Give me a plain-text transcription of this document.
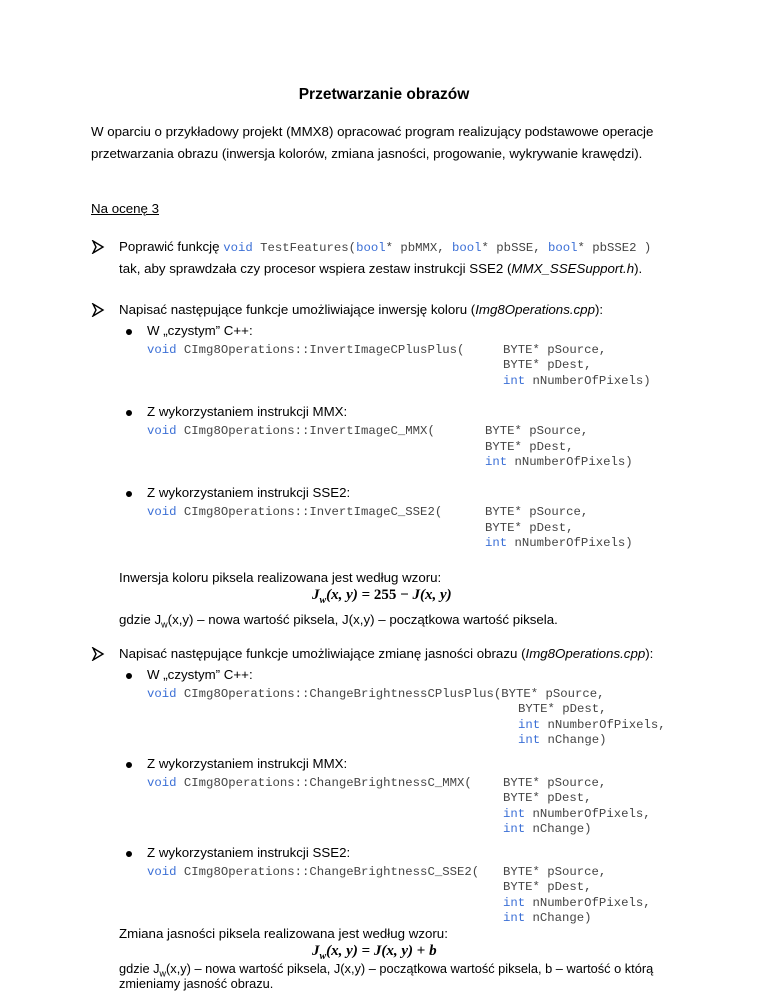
Przetwarzanie obrazów
W oparciu o przykładowy projekt (MMX8) opracować program realizujący podstawowe operacje
przetwarzania obrazu (inwersja kolorów, zmiana jasności, progowanie, wykrywanie krawędzi).
Na ocenę 3
Poprawić funkcję void TestFeatures(bool* pbMMX, bool* pbSSE, bool* pbSSE2 )
tak, aby sprawdzała czy procesor wspiera zestaw instrukcji SSE2 (MMX_SSESupport.h).
Napisać następujące funkcje umożliwiające inwersję koloru (Img8Operations.cpp):
W „czystym” C++:
void CImg8Operations::InvertImageCPlusPlus(	BYTE* pSource,
BYTE* pDest,
int nNumberOfPixels)
Z wykorzystaniem instrukcji MMX:
void CImg8Operations::InvertImageC_MMX(	BYTE* pSource,
BYTE* pDest,
int nNumberOfPixels)
Z wykorzystaniem instrukcji SSE2:
void CImg8Operations::InvertImageC_SSE2(	BYTE* pSource,
BYTE* pDest,
int nNumberOfPixels)
Inwersja koloru piksela realizowana jest według wzoru:
$J_w(x$, y) = 255 − J(x, y)
gdzie $J_w(x,y)$ – nowa wartość piksela, J(x,y) – początkowa wartość piksela.
Napisać następujące funkcje umożliwiające zmianę jasności obrazu (Img8Operations.cpp):
W „czystym” C++:
void CImg8Operations::ChangeBrightnessCPlusPlus(BYTE* pSource,
BYTE* pDest,
int nNumberOfPixels,
int nChange)
Z wykorzystaniem instrukcji MMX:
void CImg8Operations::ChangeBrightnessC_MMX(	BYTE* pSource,
BYTE* pDest,
int nNumberOfPixels,
int nChange)
Z wykorzystaniem instrukcji SSE2:
void CImg8Operations::ChangeBrightnessC_SSE2( BYTE* pSource,
BYTE* pDest,
int nNumberOfPixels,
int nChange)
Zmiana jasności piksela realizowana jest według wzoru:
$J_w(x$, y) = J(x, y) + b
gdzie $J_w(x,y)$ – nowa wartość piksela, J(x,y) – początkowa wartość piksela, b – wartość o którą
zmieniamy jasność obrazu.
